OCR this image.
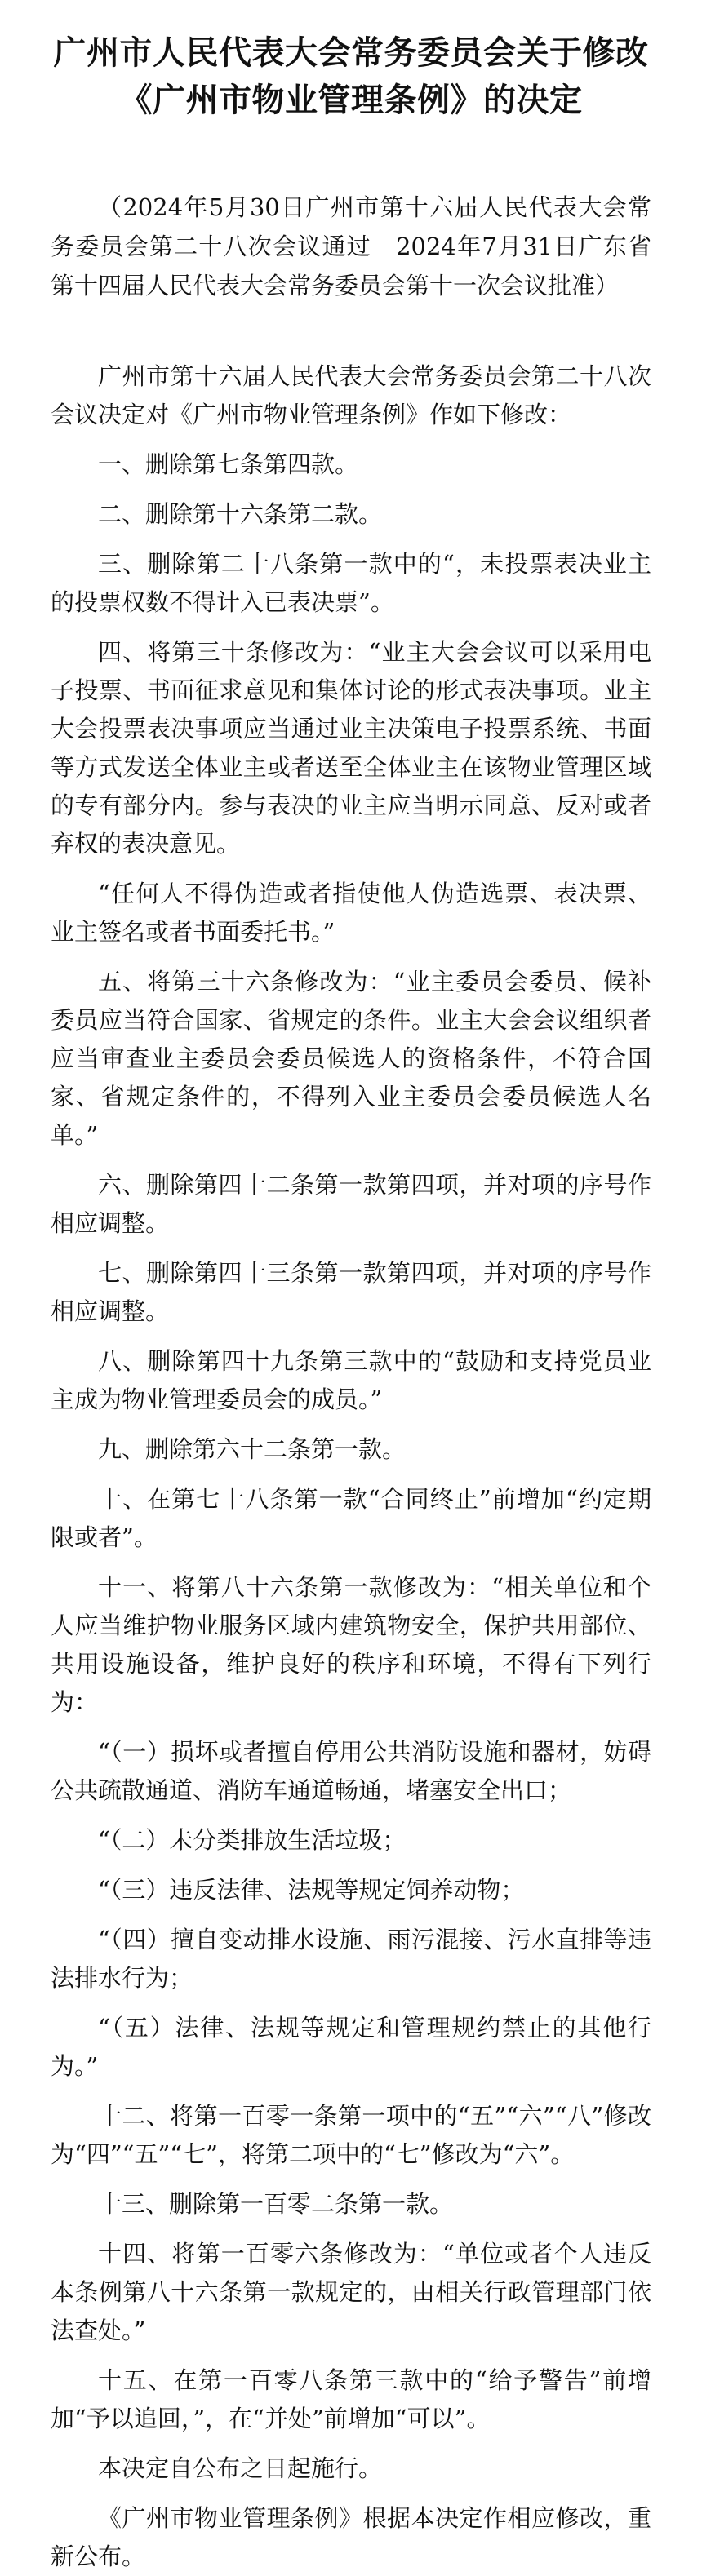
广州市人民代表大会常务委员会关于修改
《广州市物业管理条例》的决定

（2024年5月30日广州市第十六届人民代表大会常务委员会第二十八次会议通过　2024年7月31日广东省第十四届人民代表大会常务委员会第十一次会议批准）

广州市第十六届人民代表大会常务委员会第二十八次会议决定对《广州市物业管理条例》作如下修改：

一、删除第七条第四款。

二、删除第十六条第二款。

三、删除第二十八条第一款中的“，未投票表决业主的投票权数不得计入已表决票”。

四、将第三十条修改为：“业主大会会议可以采用电子投票、书面征求意见和集体讨论的形式表决事项。业主大会投票表决事项应当通过业主决策电子投票系统、书面等方式发送全体业主或者送至全体业主在该物业管理区域的专有部分内。参与表决的业主应当明示同意、反对或者弃权的表决意见。

“任何人不得伪造或者指使他人伪造选票、表决票、业主签名或者书面委托书。”

五、将第三十六条修改为：“业主委员会委员、候补委员应当符合国家、省规定的条件。业主大会会议组织者应当审查业主委员会委员候选人的资格条件，不符合国家、省规定条件的，不得列入业主委员会委员候选人名单。”

六、删除第四十二条第一款第四项，并对项的序号作相应调整。

七、删除第四十三条第一款第四项，并对项的序号作相应调整。

八、删除第四十九条第三款中的“鼓励和支持党员业主成为物业管理委员会的成员。”

九、删除第六十二条第一款。

十、在第七十八条第一款“合同终止”前增加“约定期限或者”。

十一、将第八十六条第一款修改为：“相关单位和个人应当维护物业服务区域内建筑物安全，保护共用部位、共用设施设备，维护良好的秩序和环境，不得有下列行为：

“（一）损坏或者擅自停用公共消防设施和器材，妨碍公共疏散通道、消防车通道畅通，堵塞安全出口；

“（二）未分类排放生活垃圾；

“（三）违反法律、法规等规定饲养动物；

“（四）擅自变动排水设施、雨污混接、污水直排等违法排水行为；

“（五）法律、法规等规定和管理规约禁止的其他行为。”

十二、将第一百零一条第一项中的“五”“六”“八”修改为“四”“五”“七”，将第二项中的“七”修改为“六”。

十三、删除第一百零二条第一款。

十四、将第一百零六条修改为：“单位或者个人违反本条例第八十六条第一款规定的，由相关行政管理部门依法查处。”

十五、在第一百零八条第三款中的“给予警告”前增加“予以追回，”，在“并处”前增加“可以”。

本决定自公布之日起施行。

《广州市物业管理条例》根据本决定作相应修改，重新公布。
